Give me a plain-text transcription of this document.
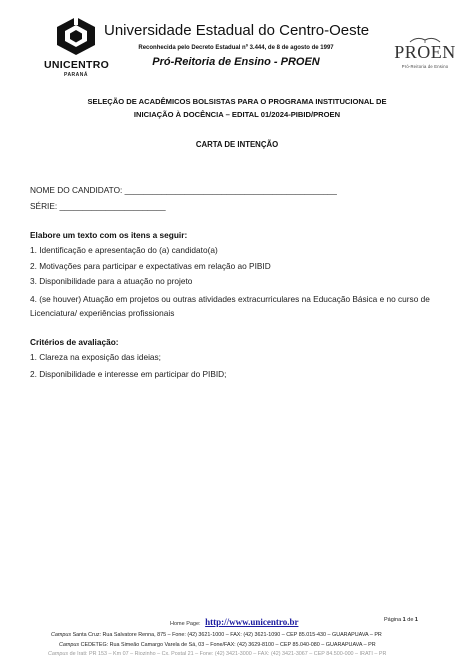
UNICENTRO
PARANÁ
Universidade Estadual do Centro-Oeste
Reconhecida pelo Decreto Estadual nº 3.444, de 8 de agosto de 1997
Pró-Reitoria de Ensino - PROEN	PROEN
Pró-Reitoria de Ensino
SELEÇÃO DE ACADÊMICOS BOLSISTAS PARA O PROGRAMA INSTITUCIONAL DE
INICIAÇÃO À DOCÊNCIA – EDITAL 01/2024-PIBID/PROEN
CARTA DE INTENÇÃO
NOME DO CANDIDATO: ______________________________________________
SÉRIE: _______________________
Elabore um texto com os itens a seguir:
1. Identificação e apresentação do (a) candidato(a)
2. Motivações para participar e expectativas em relação ao PIBID
3. Disponibilidade para a atuação no projeto
4. (se houver) Atuação em projetos ou outras atividades extracurriculares na Educação Básica e no curso de Licenciatura/ experiências profissionais
Critérios de avaliação:
1. Clareza na exposição das ideias;
2. Disponibilidade e interesse em participar do PIBID;
Home Page: http://www.unicentro.br	Página 1 de 1
Campus Santa Cruz: Rua Salvatore Renna, 875 – Fone: (42) 3621-1000 – FAX: (42) 3621-1090 – CEP 85.015-430 – GUARAPUAVA – PR
Campus CEDETEG: Rua Simeão Camargo Varela de Sá, 03 – Fone/FAX: (42) 3629-8100 – CEP 85.040-080 – GUARAPUAVA – PR
Campus de Irati: PR 153 – Km 07 – Riozinho – Cx. Postal 21 – Fone: (42) 3421-3000 – FAX: (42) 3421-3067 – CEP 84.500-000 – IRATI – PR
